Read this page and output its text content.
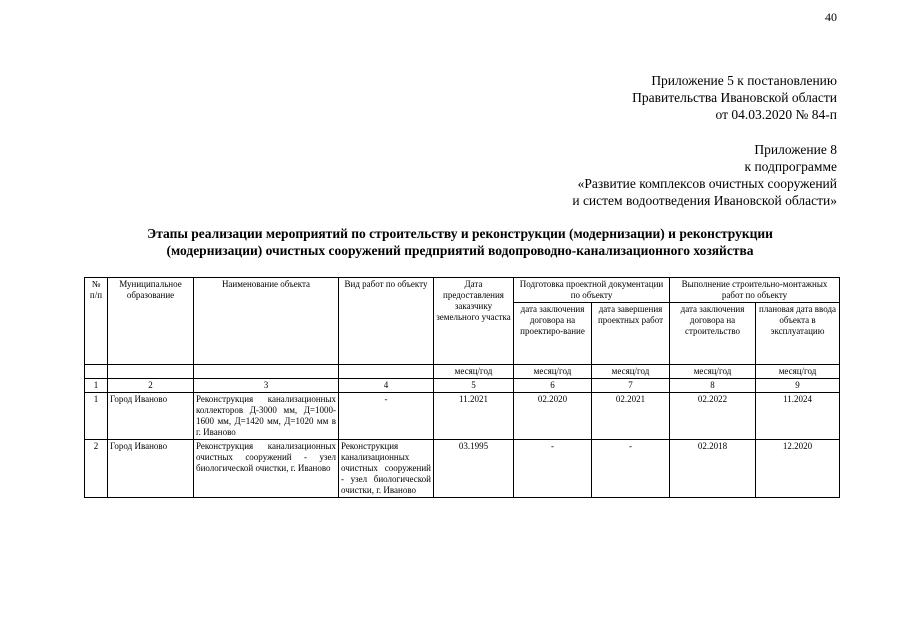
40
Приложение 5 к постановлению
Правительства Ивановской области
от 04.03.2020 № 84-п
Приложение 8
к подпрограмме
«Развитие комплексов очистных сооружений
и систем водоотведения Ивановской области»
Этапы реализации мероприятий по строительству и реконструкции (модернизации) и реконструкции
(модернизации) очистных сооружений предприятий водопроводно-канализационного хозяйства
№ п/п	Муниципальное образование	Наименование объекта	Вид работ по объекту	Дата предоставления заказчику земельного участка	Подготовка проектной документации по объекту		Выполнение строительно-монтажных работ по объекту	
					дата заключения договора на проектиро-вание	дата завершения проектных работ	дата заключения договора на строительство	плановая дата ввода объекта в эксплуатацию
				месяц/год	месяц/год	месяц/год	месяц/год	месяц/год
1	2	3	4	5	6	7	8	9
1	Город Иваново	Реконструкция канализационных коллекторов Д-3000 мм, Д=1000-1600 мм, Д=1420 мм, Д=1020 мм в г. Иваново	-	11.2021	02.2020	02.2021	02.2022	11.2024
2	Город Иваново	Реконструкция канализационных очистных сооружений - узел биологической очистки, г. Иваново	Реконструкция канализационных очистных сооружений - узел биологической очистки, г. Иваново	03.1995	-	-	02.2018	12.2020
